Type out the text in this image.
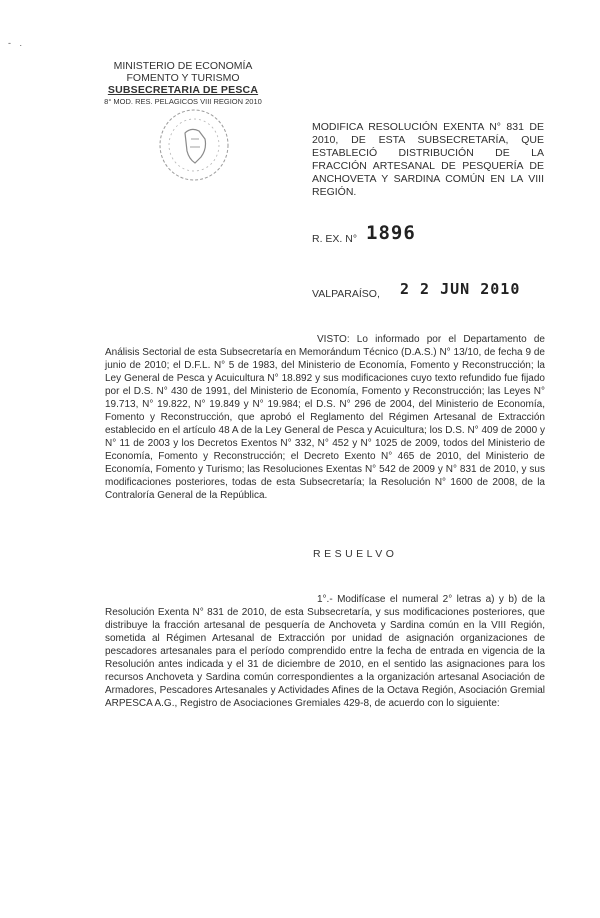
- .
MINISTERIO DE ECONOMÍA
FOMENTO Y TURISMO
SUBSECRETARIA DE PESCA
8° MOD. RES. PELAGICOS VIII REGION 2010
MODIFICA RESOLUCIÓN EXENTA N° 831 DE 2010, DE ESTA SUBSECRETARÍA, QUE ESTABLECIÓ DISTRIBUCIÓN DE LA FRACCIÓN ARTESANAL DE PESQUERÍA DE ANCHOVETA Y SARDINA COMÚN EN LA VIII REGIÓN.
R. EX. N° 1896
VALPARAÍSO, 2 2 JUN 2010
VISTO: Lo informado por el Departamento de Análisis Sectorial de esta Subsecretaría en Memorándum Técnico (D.A.S.) N° 13/10, de fecha 9 de junio de 2010; el D.F.L. N° 5 de 1983, del Ministerio de Economía, Fomento y Reconstrucción; la Ley General de Pesca y Acuicultura N° 18.892 y sus modificaciones cuyo texto refundido fue fijado por el D.S. N° 430 de 1991, del Ministerio de Economía, Fomento y Reconstrucción; las Leyes N° 19.713, N° 19.822, N° 19.849 y N° 19.984; el D.S. N° 296 de 2004, del Ministerio de Economía, Fomento y Reconstrucción, que aprobó el Reglamento del Régimen Artesanal de Extracción establecido en el artículo 48 A de la Ley General de Pesca y Acuicultura; los D.S. N° 409 de 2000 y N° 11 de 2003 y los Decretos Exentos N° 332, N° 452 y N° 1025 de 2009, todos del Ministerio de Economía, Fomento y Reconstrucción; el Decreto Exento N° 465 de 2010, del Ministerio de Economía, Fomento y Turismo; las Resoluciones Exentas N° 542 de 2009 y N° 831 de 2010, y sus modificaciones posteriores, todas de esta Subsecretaría; la Resolución N° 1600 de 2008, de la Contraloría General de la República.
RESUELVO
1°.- Modifícase el numeral 2° letras a) y b) de la Resolución Exenta N° 831 de 2010, de esta Subsecretaría, y sus modificaciones posteriores, que distribuye la fracción artesanal de pesquería de Anchoveta y Sardina común en la VIII Región, sometida al Régimen Artesanal de Extracción por unidad de asignación organizaciones de pescadores artesanales para el período comprendido entre la fecha de entrada en vigencia de la Resolución antes indicada y el 31 de diciembre de 2010, en el sentido las asignaciones para los recursos Anchoveta y Sardina común correspondientes a la organización artesanal Asociación de Armadores, Pescadores Artesanales y Actividades Afines de la Octava Región, Asociación Gremial ARPESCA A.G., Registro de Asociaciones Gremiales 429-8, de acuerdo con lo siguiente:
